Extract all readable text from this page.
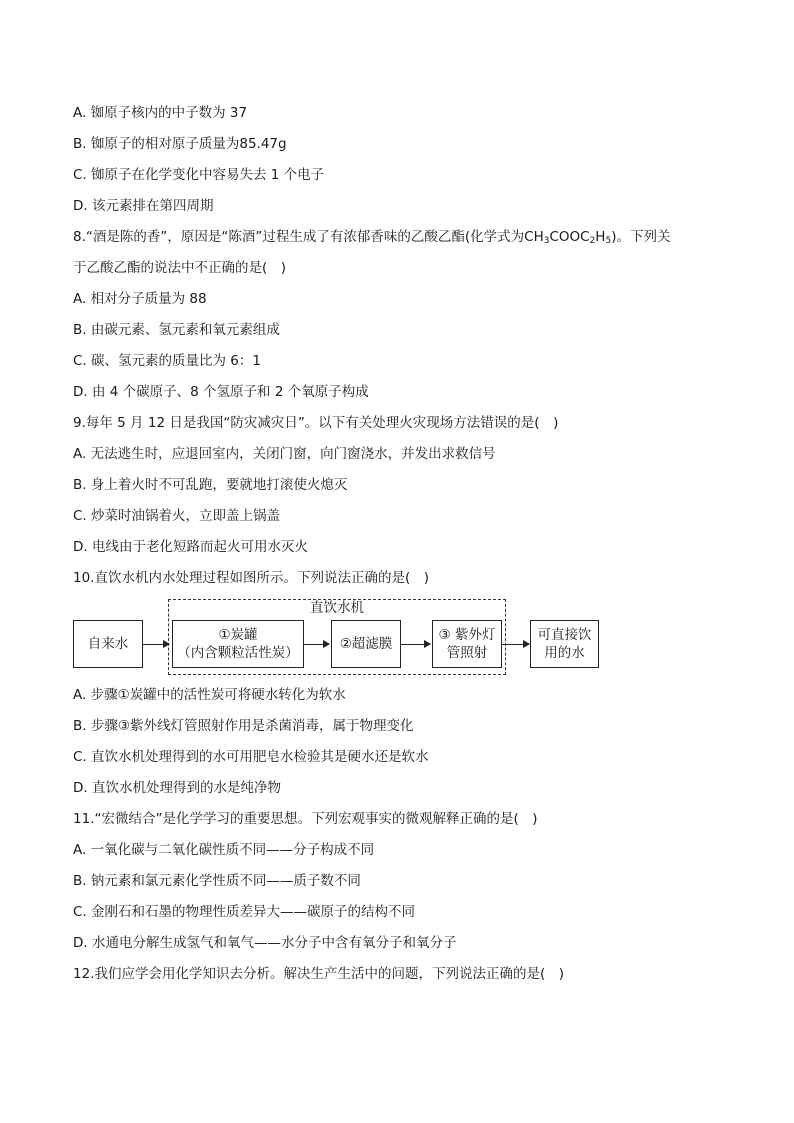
A. 铷原子核内的中子数为 37
B. 铷原子的相对原子质量为85.47g
C. 铷原子在化学变化中容易失去 1 个电子
D. 该元素排在第四周期
8.“酒是陈的香”，原因是“陈酒”过程生成了有浓郁香味的乙酸乙酯(化学式为$CH_3COOC_2H_5$)。下列关
于乙酸乙酯的说法中不正确的是(　)
A. 相对分子质量为 88
B. 由碳元素、氢元素和氧元素组成
C. 碳、氢元素的质量比为 6：1
D. 由 4 个碳原子、8 个氢原子和 2 个氧原子构成
9.每年 5 月 12 日是我国“防灾减灾日”。以下有关处理火灾现场方法错误的是(　)
A. 无法逃生时，应退回室内，关闭门窗，向门窗浇水，并发出求救信号
B. 身上着火时不可乱跑，要就地打滚使火熄灭
C. 炒菜时油锅着火，立即盖上锅盖
D. 电线由于老化短路而起火可用水灭火
10.直饮水机内水处理过程如图所示。下列说法正确的是(　)
直饮水机
自来水
①炭罐
（内含颗粒活性炭）
②超滤膜
③ 紫外灯
管照射
可直接饮
用的水
A. 步骤①炭罐中的活性炭可将硬水转化为软水
B. 步骤③紫外线灯管照射作用是杀菌消毒，属于物理变化
C. 直饮水机处理得到的水可用肥皂水检验其是硬水还是软水
D. 直饮水机处理得到的水是纯净物
11.“宏微结合”是化学学习的重要思想。下列宏观事实的微观解释正确的是(　)
A. 一氧化碳与二氧化碳性质不同——分子构成不同
B. 钠元素和氯元素化学性质不同——质子数不同
C. 金刚石和石墨的物理性质差异大——碳原子的结构不同
D. 水通电分解生成氢气和氧气——水分子中含有氧分子和氧分子
12.我们应学会用化学知识去分析。解决生产生活中的问题，下列说法正确的是(　)
